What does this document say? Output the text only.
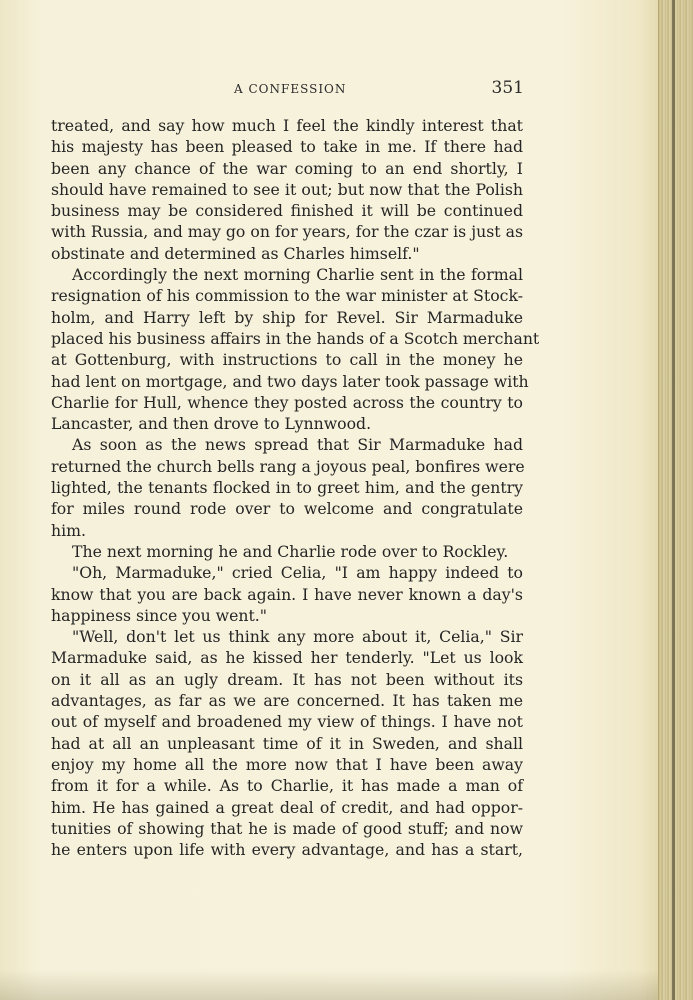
A CONFESSION	351
treated, and say how much I feel the kindly interest that
his majesty has been pleased to take in me. If there had
been any chance of the war coming to an end shortly, I
should have remained to see it out; but now that the Polish
business may be considered finished it will be continued
with Russia, and may go on for years, for the czar is just as
obstinate and determined as Charles himself."
Accordingly the next morning Charlie sent in the formal
resignation of his commission to the war minister at Stock-
holm, and Harry left by ship for Revel. Sir Marmaduke
placed his business affairs in the hands of a Scotch merchant
at Gottenburg, with instructions to call in the money he
had lent on mortgage, and two days later took passage with
Charlie for Hull, whence they posted across the country to
Lancaster, and then drove to Lynnwood.
As soon as the news spread that Sir Marmaduke had
returned the church bells rang a joyous peal, bonfires were
lighted, the tenants flocked in to greet him, and the gentry
for miles round rode over to welcome and congratulate
him.
The next morning he and Charlie rode over to Rockley.
"Oh, Marmaduke," cried Celia, "I am happy indeed to
know that you are back again. I have never known a day's
happiness since you went."
"Well, don't let us think any more about it, Celia," Sir
Marmaduke said, as he kissed her tenderly. "Let us look
on it all as an ugly dream. It has not been without its
advantages, as far as we are concerned. It has taken me
out of myself and broadened my view of things. I have not
had at all an unpleasant time of it in Sweden, and shall
enjoy my home all the more now that I have been away
from it for a while. As to Charlie, it has made a man of
him. He has gained a great deal of credit, and had oppor-
tunities of showing that he is made of good stuff; and now
he enters upon life with every advantage, and has a start,
